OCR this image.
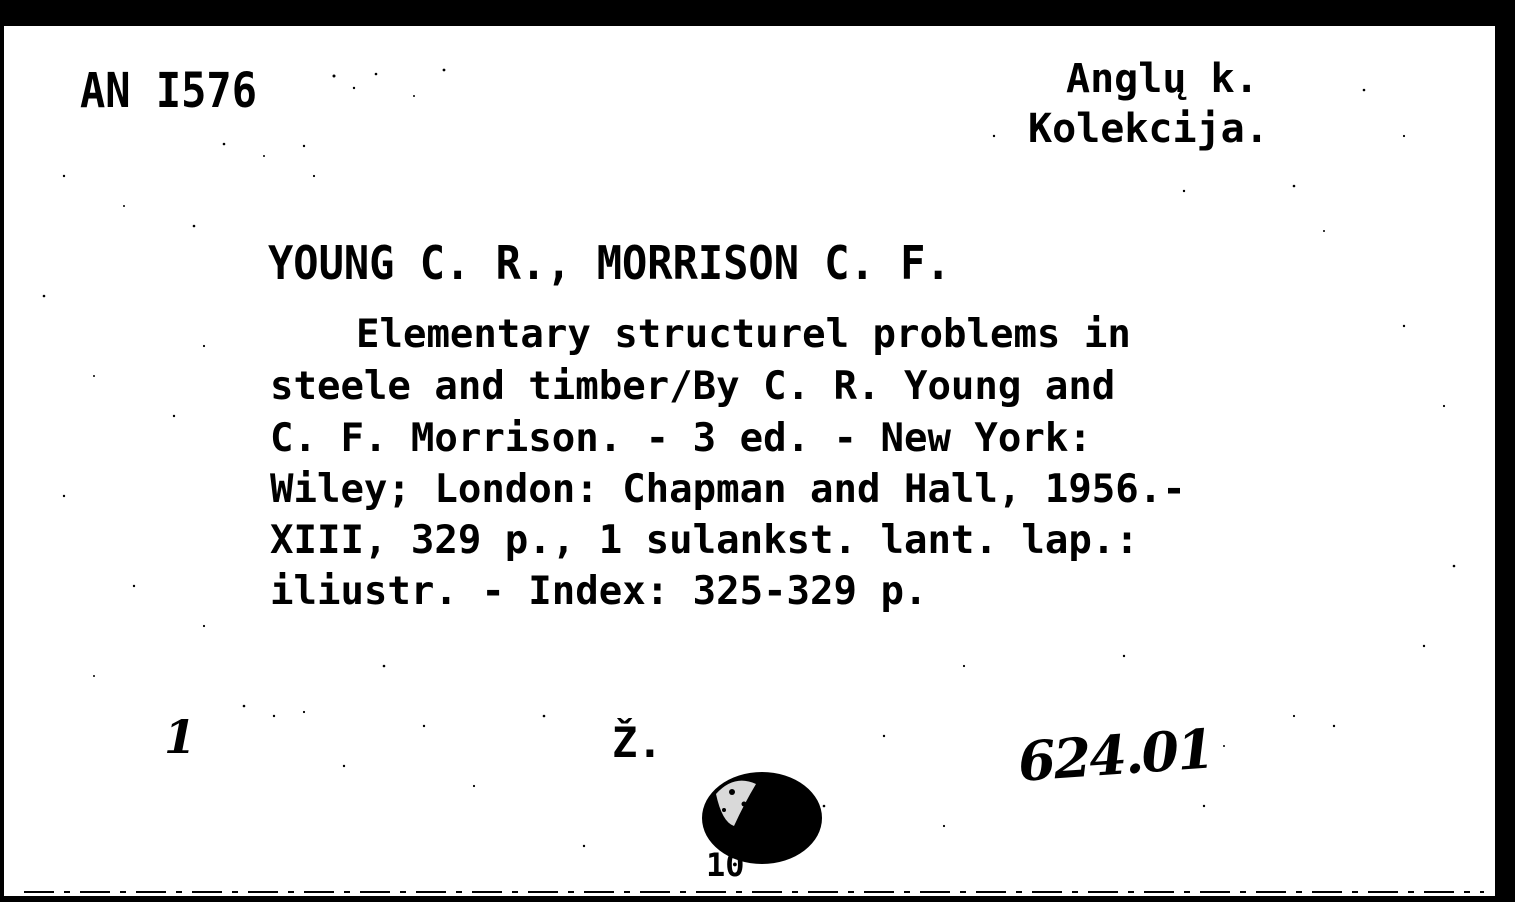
AN I576	Anglų k.
Kolekcija.
YOUNG C. R., MORRISON C. F.
Elementary structurel problems in
steele and timber/By C. R. Young and
C. F. Morrison. - 3 ed. - New York:
Wiley; London: Chapman and Hall, 1956.-
XIII, 329 p., 1 sulankst. lant. lap.:
iliustr. - Index: 325-329 p.
1	Ž.	624.01
10
